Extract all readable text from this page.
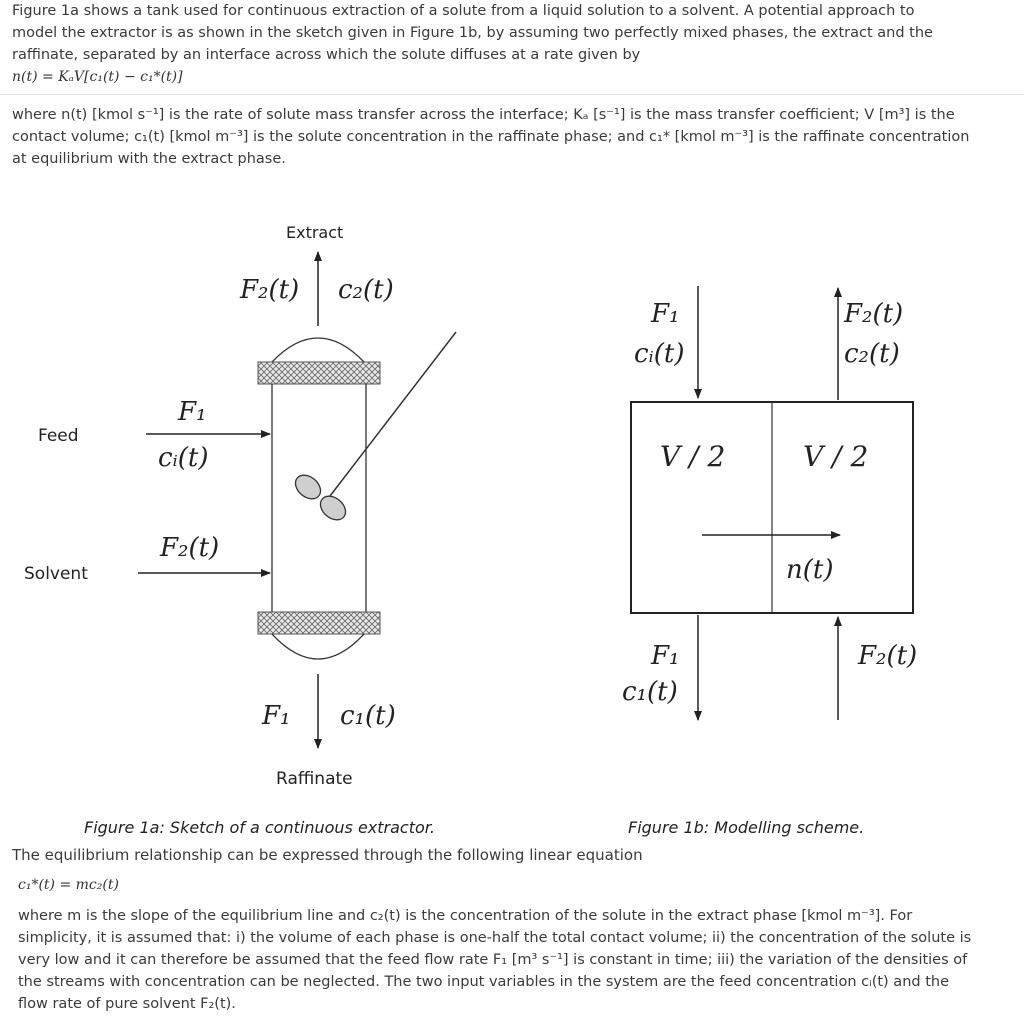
Figure 1a shows a tank used for continuous extraction of a solute from a liquid solution to a solvent. A potential approach to
model the extractor is as shown in the sketch given in Figure 1b, by assuming two perfectly mixed phases, the extract and the
raffinate, separated by an interface across which the solute diffuses at a rate given by
n(t) = KₐV[c₁(t) − c₁*(t)]
where n(t) [kmol s⁻¹] is the rate of solute mass transfer across the interface; Kₐ [s⁻¹] is the mass transfer coefficient; V [m³] is the
contact volume; c₁(t) [kmol m⁻³] is the solute concentration in the raffinate phase; and c₁* [kmol m⁻³] is the raffinate concentration
at equilibrium with the extract phase.
Extract
F₂(t) c₂(t)
Feed
F₁
cᵢ(t)
Solvent
F₂(t)
F₁ c₁(t)
Raffinate
F₁
cᵢ(t)
F₂(t)
c₂(t)
V / 2	V / 2
n(t)
F₁
c₁(t)
F₂(t)
Figure 1a: Sketch of a continuous extractor.	Figure 1b: Modelling scheme.
The equilibrium relationship can be expressed through the following linear equation
c₁*(t) = mc₂(t)
where m is the slope of the equilibrium line and c₂(t) is the concentration of the solute in the extract phase [kmol m⁻³]. For
simplicity, it is assumed that: i) the volume of each phase is one-half the total contact volume; ii) the concentration of the solute is
very low and it can therefore be assumed that the feed flow rate F₁ [m³ s⁻¹] is constant in time; iii) the variation of the densities of
the streams with concentration can be neglected. The two input variables in the system are the feed concentration cᵢ(t) and the
flow rate of pure solvent F₂(t).
